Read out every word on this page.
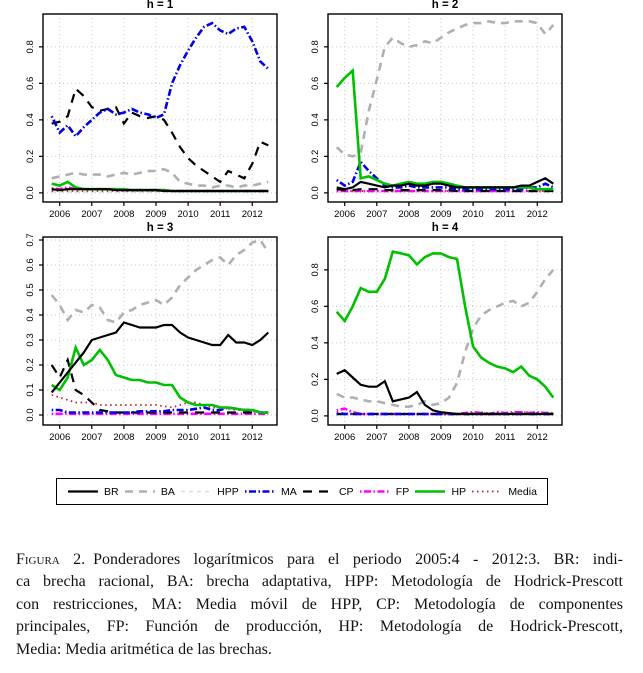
2006 2007 2008 2009 2010 2011 2012
0.0
0.2
0.4
0.6
0.8
h = 1
2006 2007 2008 2009 2010 2011 2012
0.0
0.2
0.4
0.6
0.8
h = 2
2006 2007 2008 2009 2010 2011 2012
0.0
0.1
0.2
0.3
0.4
0.5
0.6
0.7
h = 3
2006 2007 2008 2009 2010 2011 2012
0.0
0.2
0.4
0.6
0.8
h = 4
BR	BA	HPP	MA	CP	FP	HP	Media
Figura 2. Ponderadores logarítmicos para el periodo 2005:4 - 2012:3. BR: indi-
ca brecha racional, BA: brecha adaptativa, HPP: Metodología de Hodrick-Prescott
con restricciones, MA: Media móvil de HPP, CP: Metodología de componentes
principales, FP: Función de producción, HP: Metodología de Hodrick-Prescott,
Media: Media aritmética de las brechas.
